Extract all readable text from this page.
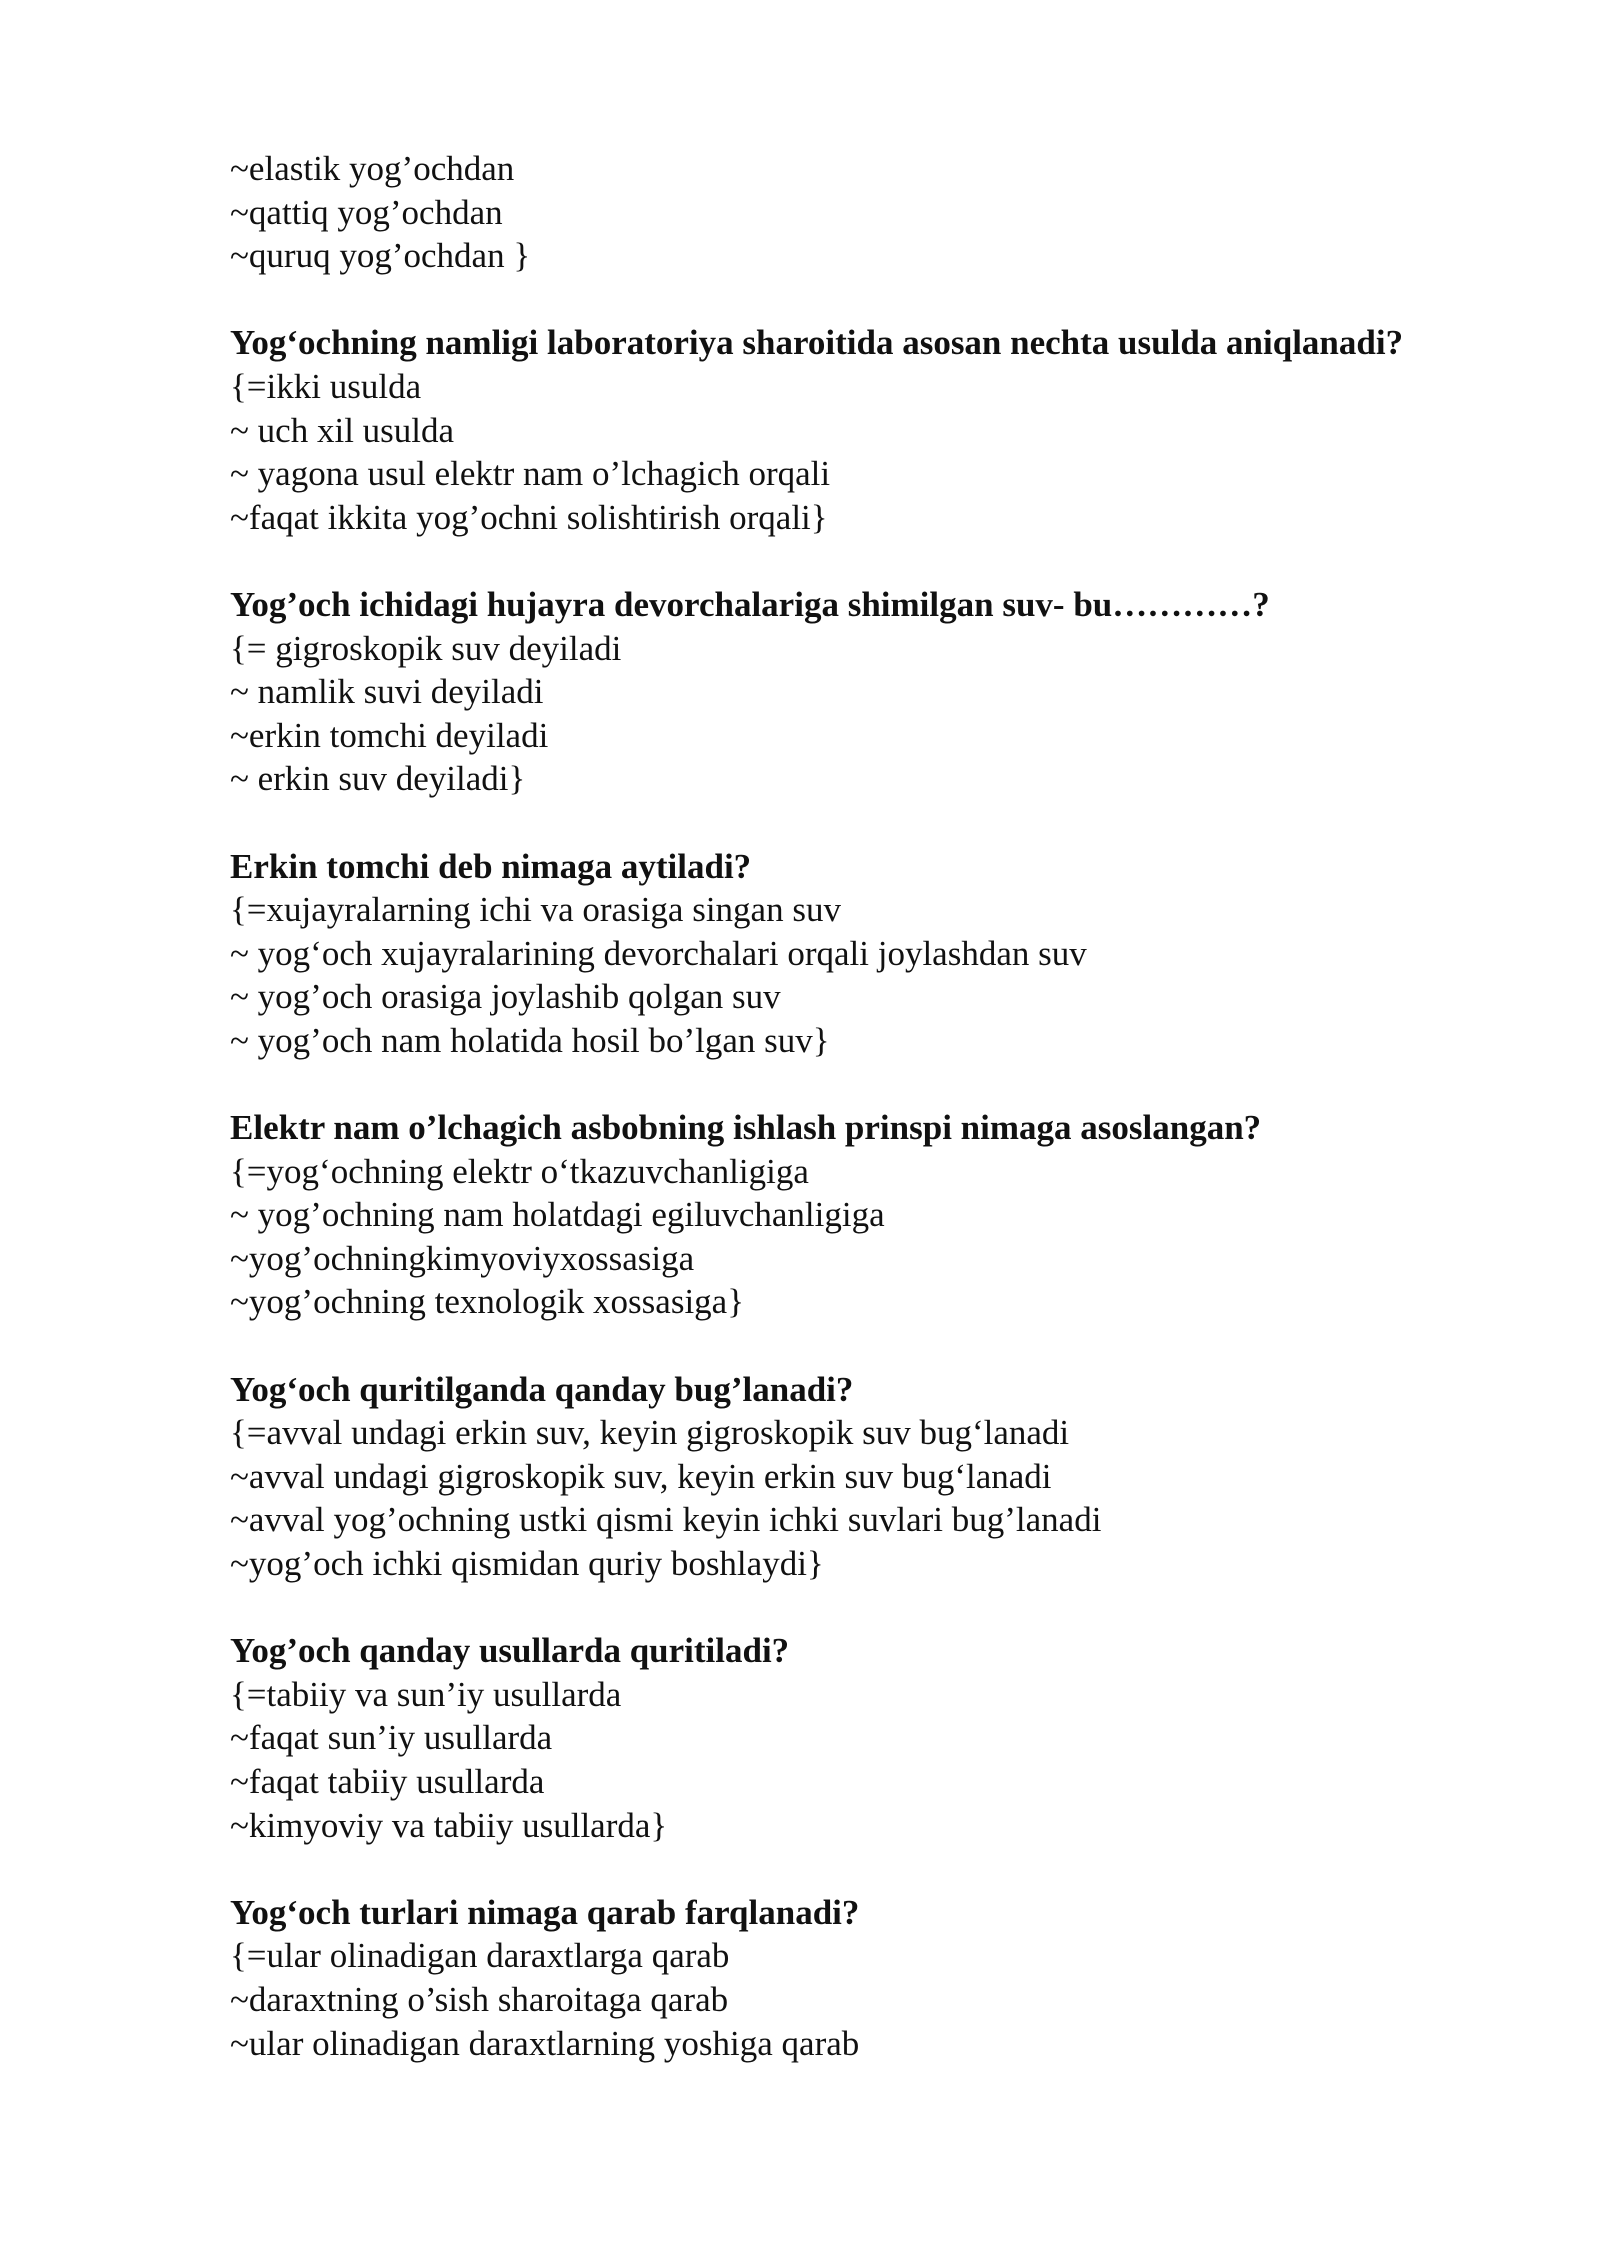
~elastik yog’ochdan

~qattiq yog’ochdan

~quruq yog’ochdan }

Yog‘ochning namligi laboratoriya sharoitida asosan nechta usulda aniqlanadi?

{=ikki usulda

~ uch xil usulda

~ yagona usul elektr nam o’lchagich orqali

~faqat ikkita yog’ochni solishtirish orqali}

Yog’och ichidagi hujayra devorchalariga shimilgan suv- bu…………?

{= gigroskopik suv deyiladi

~ namlik suvi deyiladi

~erkin tomchi deyiladi

~ erkin suv deyiladi}

Erkin tomchi deb nimaga aytiladi?

{=xujayralarning ichi va orasiga singan suv

~ yog‘och xujayralarining devorchalari orqali joylashdan suv

~ yog’och orasiga joylashib qolgan suv

~ yog’och nam holatida hosil bo’lgan suv}

Elektr nam o’lchagich asbobning ishlash prinspi nimaga asoslangan?

{=yog‘ochning elektr o‘tkazuvchanligiga

~ yog’ochning nam holatdagi egiluvchanligiga

~yog’ochningkimyoviyxossasiga

~yog’ochning texnologik xossasiga}

Yog‘och quritilganda qanday bug’lanadi?

{=avval undagi erkin suv, keyin gigroskopik suv bug‘lanadi

~avval undagi gigroskopik suv, keyin erkin suv bug‘lanadi

~avval yog’ochning ustki qismi keyin ichki suvlari bug’lanadi

~yog’och ichki qismidan quriy boshlaydi}

Yog’och qanday usullarda quritiladi?

{=tabiiy va sun’iy usullarda

~faqat sun’iy usullarda

~faqat tabiiy usullarda

~kimyoviy va tabiiy usullarda}

Yog‘och turlari nimaga qarab farqlanadi?

{=ular olinadigan daraxtlarga qarab

~daraxtning o’sish sharoitaga qarab

~ular olinadigan daraxtlarning yoshiga qarab
